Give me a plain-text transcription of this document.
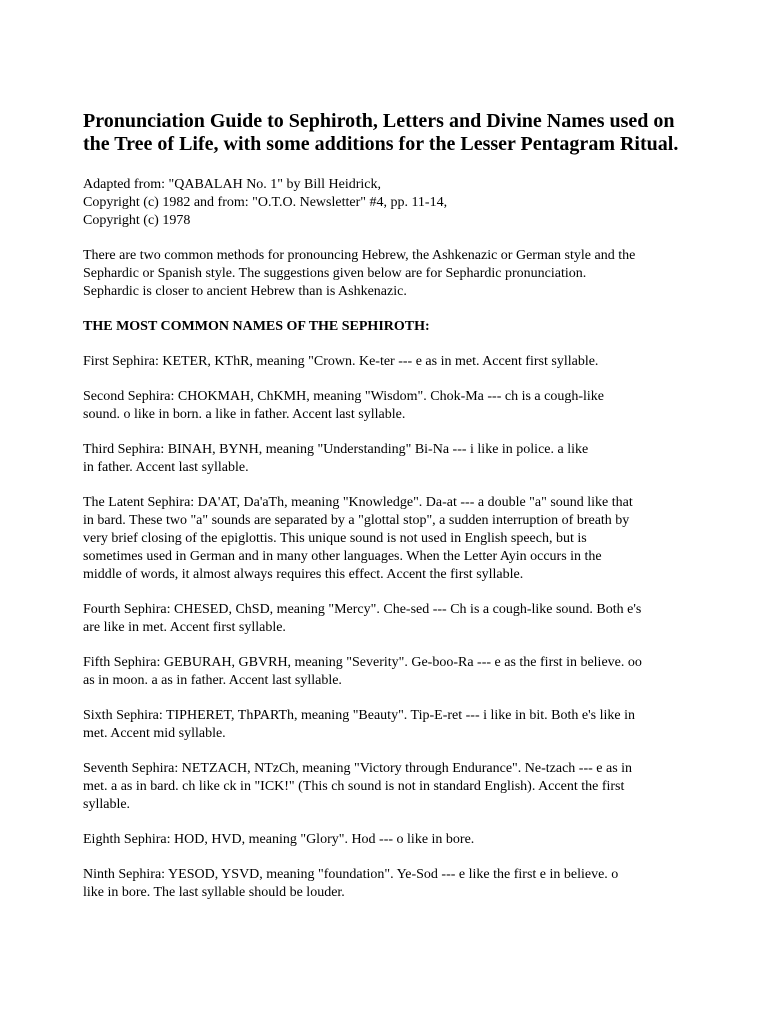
Pronunciation Guide to Sephiroth, Letters and Divine Names used on
the Tree of Life, with some additions for the Lesser Pentagram Ritual.
Adapted from: "QABALAH No. 1" by Bill Heidrick,
Copyright (c) 1982 and from: "O.T.O. Newsletter" #4, pp. 11-14,
Copyright (c) 1978
There are two common methods for pronouncing Hebrew, the Ashkenazic or German style and the
Sephardic or Spanish style. The suggestions given below are for Sephardic pronunciation.
Sephardic is closer to ancient Hebrew than is Ashkenazic.
THE MOST COMMON NAMES OF THE SEPHIROTH:
First Sephira: KETER, KThR, meaning "Crown. Ke-ter --- e as in met. Accent first syllable.
Second Sephira: CHOKMAH, ChKMH, meaning "Wisdom". Chok-Ma --- ch is a cough-like
sound. o like in born. a like in father. Accent last syllable.
Third Sephira: BINAH, BYNH, meaning "Understanding" Bi-Na --- i like in police. a like
in father. Accent last syllable.
The Latent Sephira: DA'AT, Da'aTh, meaning "Knowledge". Da-at --- a double "a" sound like that
in bard. These two "a" sounds are separated by a "glottal stop", a sudden interruption of breath by
very brief closing of the epiglottis. This unique sound is not used in English speech, but is
sometimes used in German and in many other languages. When the Letter Ayin occurs in the
middle of words, it almost always requires this effect. Accent the first syllable.
Fourth Sephira: CHESED, ChSD, meaning "Mercy". Che-sed --- Ch is a cough-like sound. Both e's
are like in met. Accent first syllable.
Fifth Sephira: GEBURAH, GBVRH, meaning "Severity". Ge-boo-Ra --- e as the first in believe. oo
as in moon. a as in father. Accent last syllable.
Sixth Sephira: TIPHERET, ThPARTh, meaning "Beauty". Tip-E-ret --- i like in bit. Both e's like in
met. Accent mid syllable.
Seventh Sephira: NETZACH, NTzCh, meaning "Victory through Endurance". Ne-tzach --- e as in
met. a as in bard. ch like ck in "ICK!" (This ch sound is not in standard English). Accent the first
syllable.
Eighth Sephira: HOD, HVD, meaning "Glory". Hod --- o like in bore.
Ninth Sephira: YESOD, YSVD, meaning "foundation". Ye-Sod --- e like the first e in believe. o
like in bore. The last syllable should be louder.
